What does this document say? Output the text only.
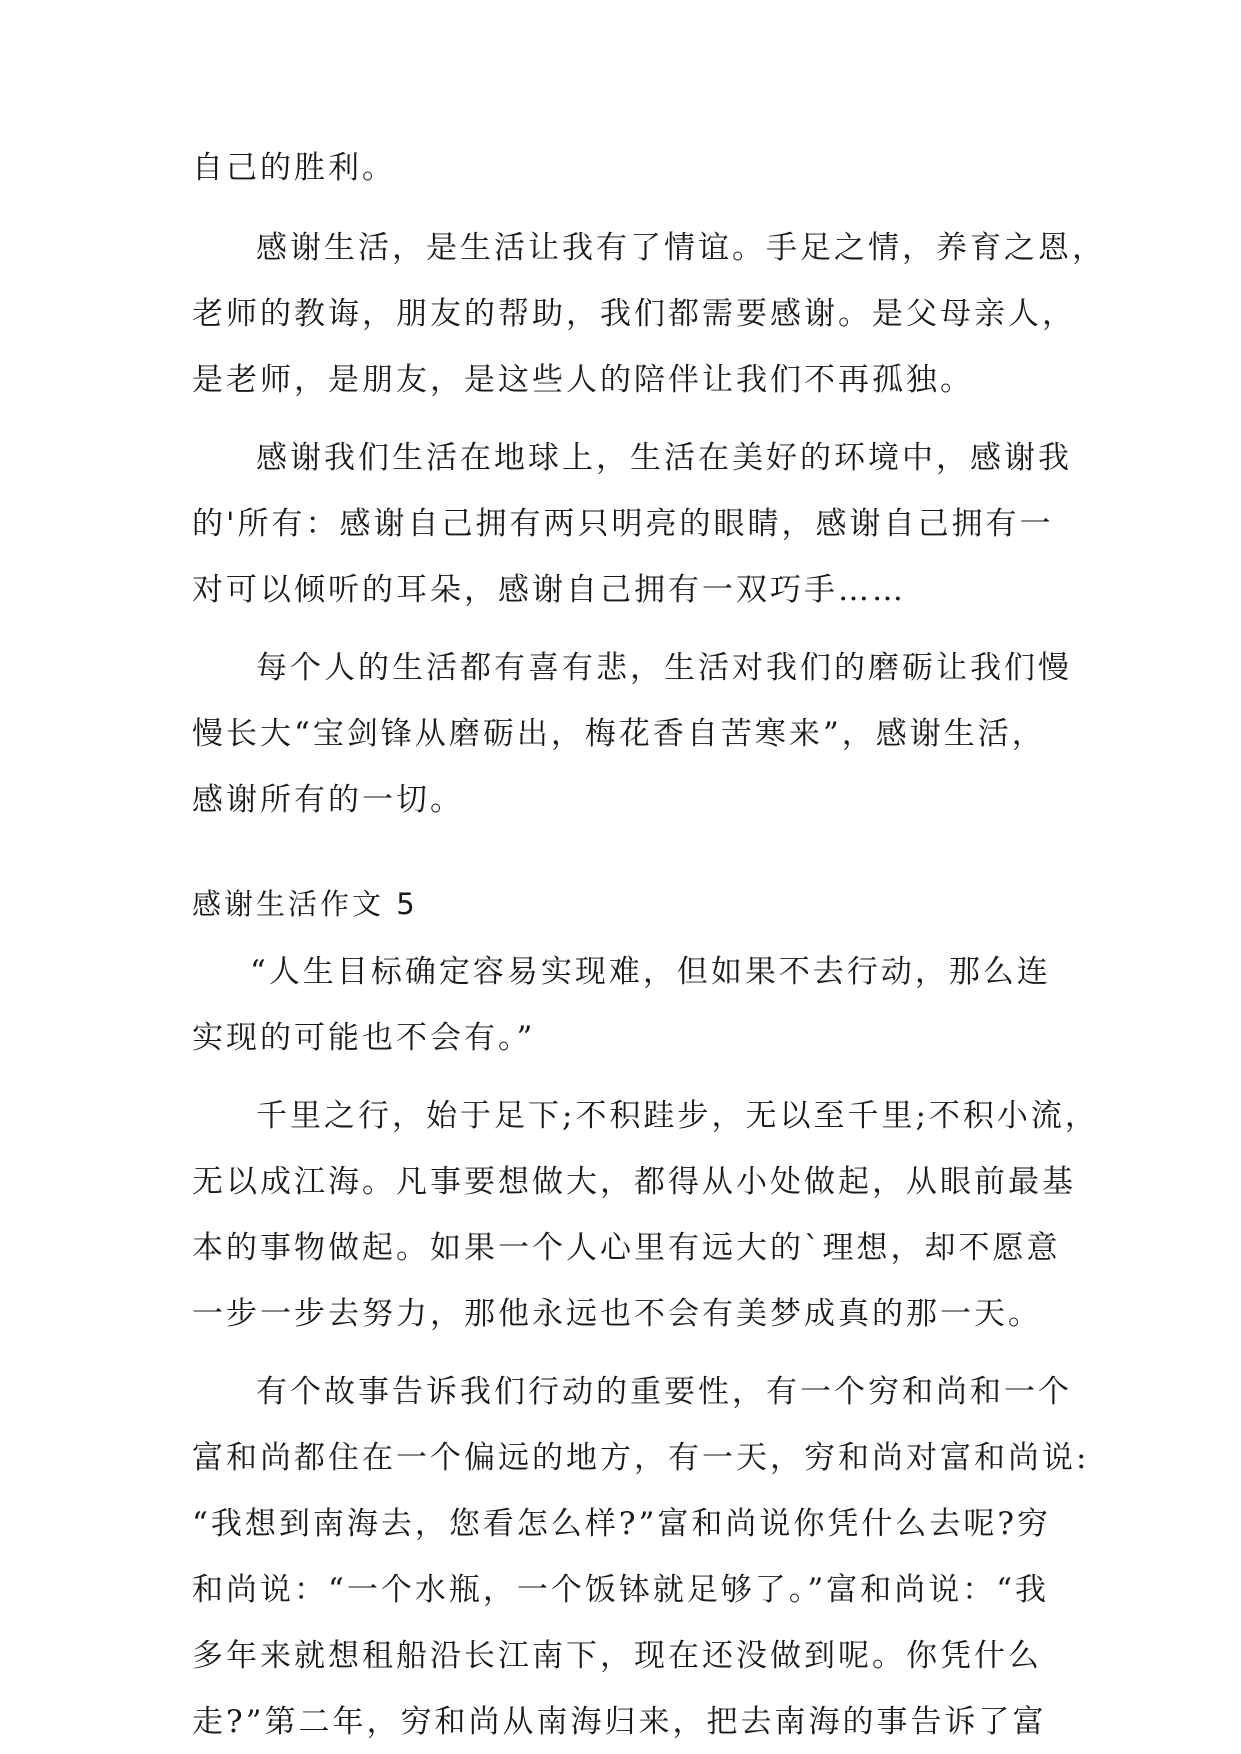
自己的胜利。
感谢生活，是生活让我有了情谊。手足之情，养育之恩，
老师的教诲，朋友的帮助，我们都需要感谢。是父母亲人，
是老师，是朋友，是这些人的陪伴让我们不再孤独。
感谢我们生活在地球上，生活在美好的环境中，感谢我
的'所有：感谢自己拥有两只明亮的眼睛，感谢自己拥有一
对可以倾听的耳朵，感谢自己拥有一双巧手……
每个人的生活都有喜有悲，生活对我们的磨砺让我们慢
慢长大“宝剑锋从磨砺出，梅花香自苦寒来”，感谢生活，
感谢所有的一切。
感谢生活作文 5
“人生目标确定容易实现难，但如果不去行动，那么连
实现的可能也不会有。”
千里之行，始于足下;不积跬步，无以至千里;不积小流，
无以成江海。凡事要想做大，都得从小处做起，从眼前最基
本的事物做起。如果一个人心里有远大的`理想，却不愿意
一步一步去努力，那他永远也不会有美梦成真的那一天。
有个故事告诉我们行动的重要性，有一个穷和尚和一个
富和尚都住在一个偏远的地方，有一天，穷和尚对富和尚说:
“我想到南海去，您看怎么样?”富和尚说你凭什么去呢?穷
和尚说：“一个水瓶，一个饭钵就足够了。”富和尚说：“我
多年来就想租船沿长江南下，现在还没做到呢。你凭什么
走?”第二年，穷和尚从南海归来，把去南海的事告诉了富
